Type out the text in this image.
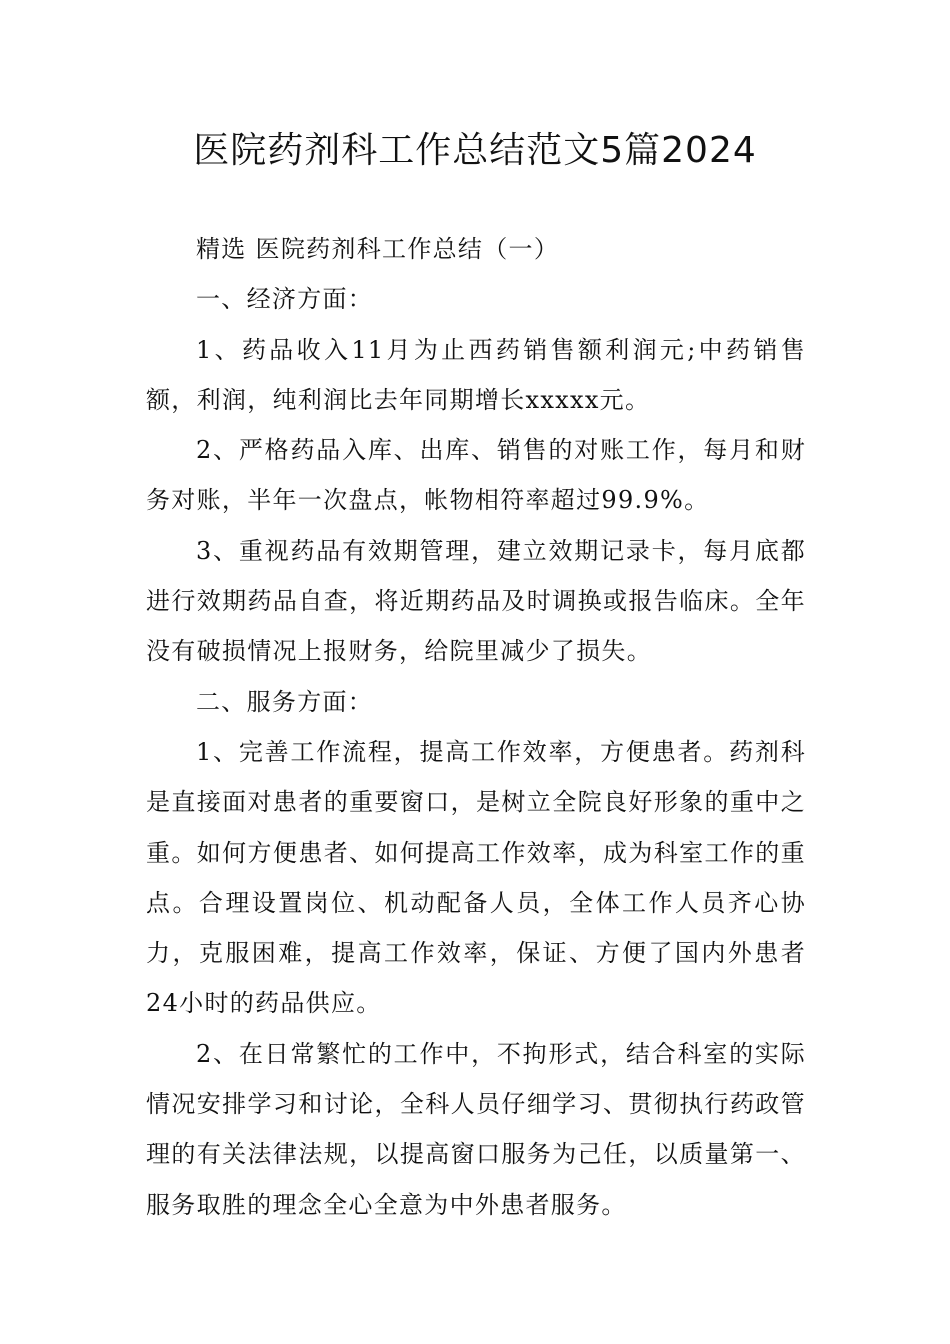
医院药剂科工作总结范文5篇2024

精选 医院药剂科工作总结（一）

一、经济方面：

1、药品收入11月为止西药销售额利润元;中药销售额，利润，纯利润比去年同期增长xxxxx元。

2、严格药品入库、出库、销售的对账工作，每月和财务对账，半年一次盘点，帐物相符率超过99.9%。

3、重视药品有效期管理，建立效期记录卡，每月底都进行效期药品自查，将近期药品及时调换或报告临床。全年没有破损情况上报财务，给院里减少了损失。

二、服务方面：

1、完善工作流程，提高工作效率，方便患者。药剂科是直接面对患者的重要窗口，是树立全院良好形象的重中之重。如何方便患者、如何提高工作效率，成为科室工作的重点。合理设置岗位、机动配备人员，全体工作人员齐心协力，克服困难，提高工作效率，保证、方便了国内外患者24小时的药品供应。

2、在日常繁忙的工作中，不拘形式，结合科室的实际情况安排学习和讨论，全科人员仔细学习、贯彻执行药政管理的有关法律法规，以提高窗口服务为己任，以质量第一、服务取胜的理念全心全意为中外患者服务。
